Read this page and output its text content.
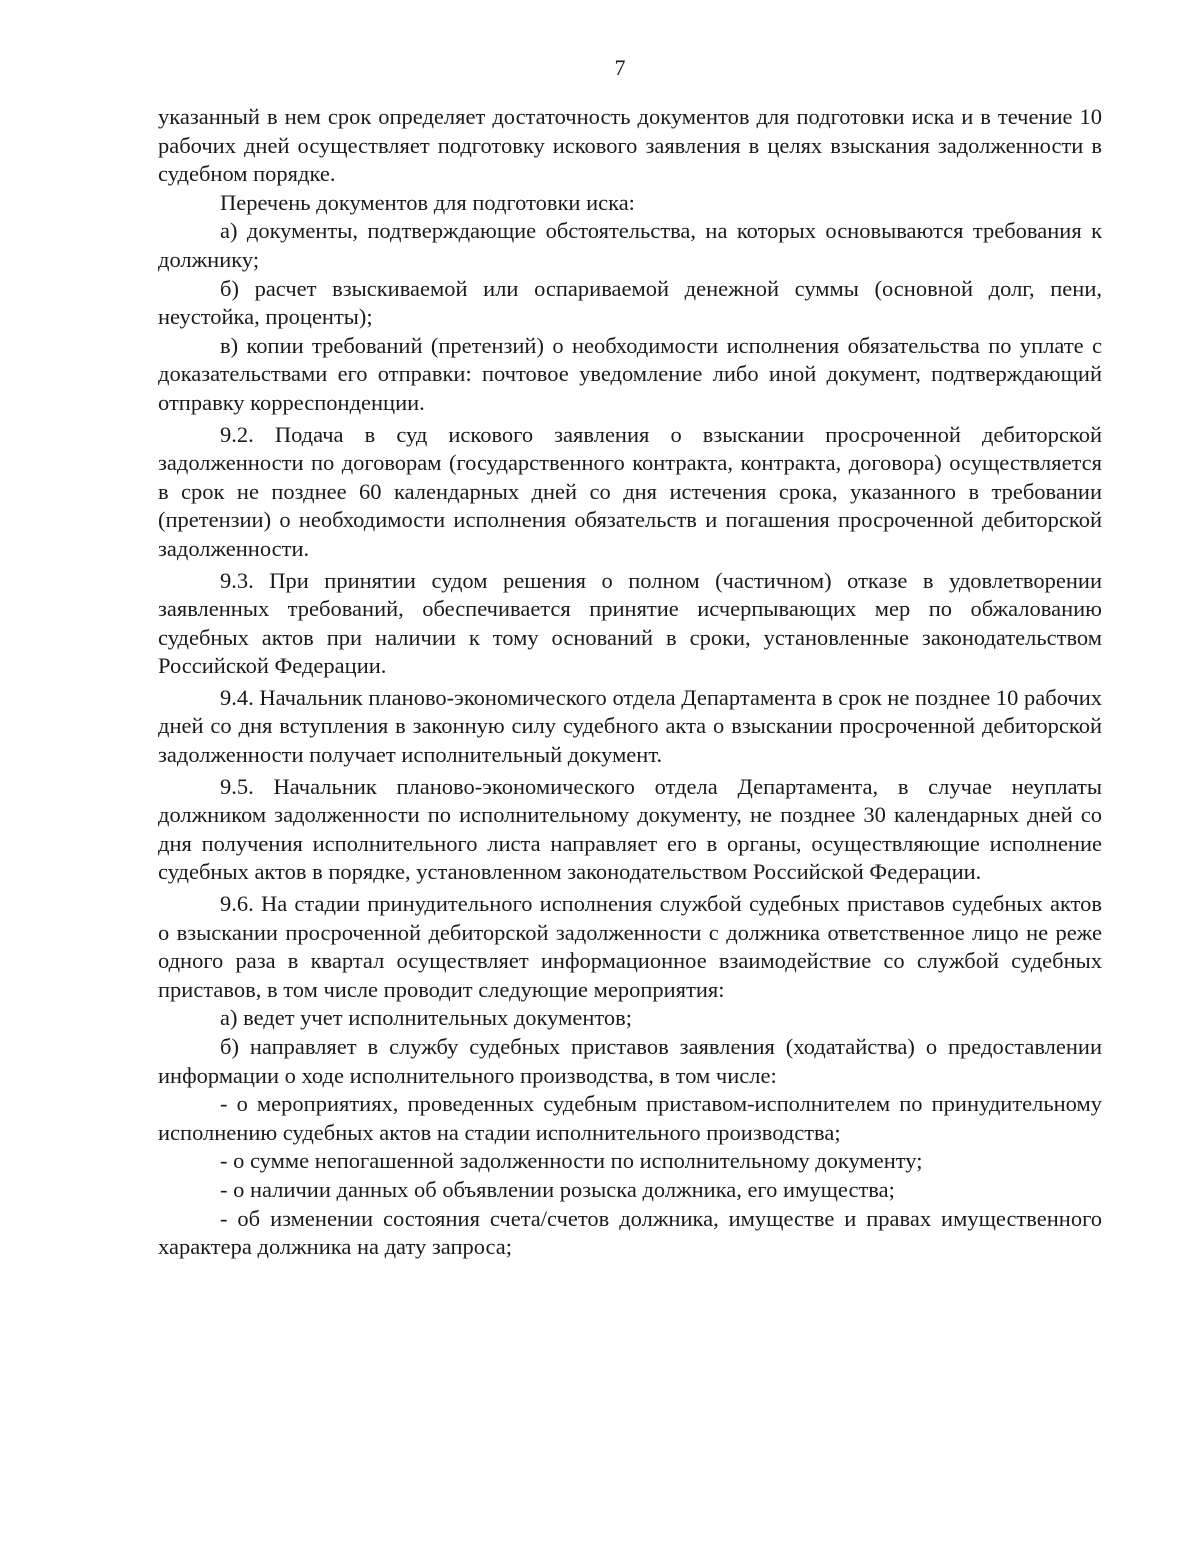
7

указанный в нем срок определяет достаточность документов для подготовки иска и в течение 10 рабочих дней осуществляет подготовку искового заявления в целях взыскания задолженности в судебном порядке.

Перечень документов для подготовки иска:

а) документы, подтверждающие обстоятельства, на которых основываются требования к должнику;

б) расчет взыскиваемой или оспариваемой денежной суммы (основной долг, пени, неустойка, проценты);

в) копии требований (претензий) о необходимости исполнения обязательства по уплате с доказательствами его отправки: почтовое уведомление либо иной документ, подтверждающий отправку корреспонденции.

9.2. Подача в суд искового заявления о взыскании просроченной дебиторской задолженности по договорам (государственного контракта, контракта, договора) осуществляется в срок не позднее 60 календарных дней со дня истечения срока, указанного в требовании (претензии) о необходимости исполнения обязательств и погашения просроченной дебиторской задолженности.

9.3. При принятии судом решения о полном (частичном) отказе в удовлетворении заявленных требований, обеспечивается принятие исчерпывающих мер по обжалованию судебных актов при наличии к тому оснований в сроки, установленные законодательством Российской Федерации.

9.4. Начальник планово-экономического отдела Департамента в срок не позднее 10 рабочих дней со дня вступления в законную силу судебного акта о взыскании просроченной дебиторской задолженности получает исполнительный документ.

9.5. Начальник планово-экономического отдела Департамента, в случае неуплаты должником задолженности по исполнительному документу, не позднее 30 календарных дней со дня получения исполнительного листа направляет его в органы, осуществляющие исполнение судебных актов в порядке, установленном законодательством Российской Федерации.

9.6. На стадии принудительного исполнения службой судебных приставов судебных актов о взыскании просроченной дебиторской задолженности с должника ответственное лицо не реже одного раза в квартал осуществляет информационное взаимодействие со службой судебных приставов, в том числе проводит следующие мероприятия:

а) ведет учет исполнительных документов;

б) направляет в службу судебных приставов заявления (ходатайства) о предоставлении информации о ходе исполнительного производства, в том числе:

- о мероприятиях, проведенных судебным приставом-исполнителем по принудительному исполнению судебных актов на стадии исполнительного производства;

- о сумме непогашенной задолженности по исполнительному документу;

- о наличии данных об объявлении розыска должника, его имущества;

- об изменении состояния счета/счетов должника, имуществе и правах имущественного характера должника на дату запроса;
